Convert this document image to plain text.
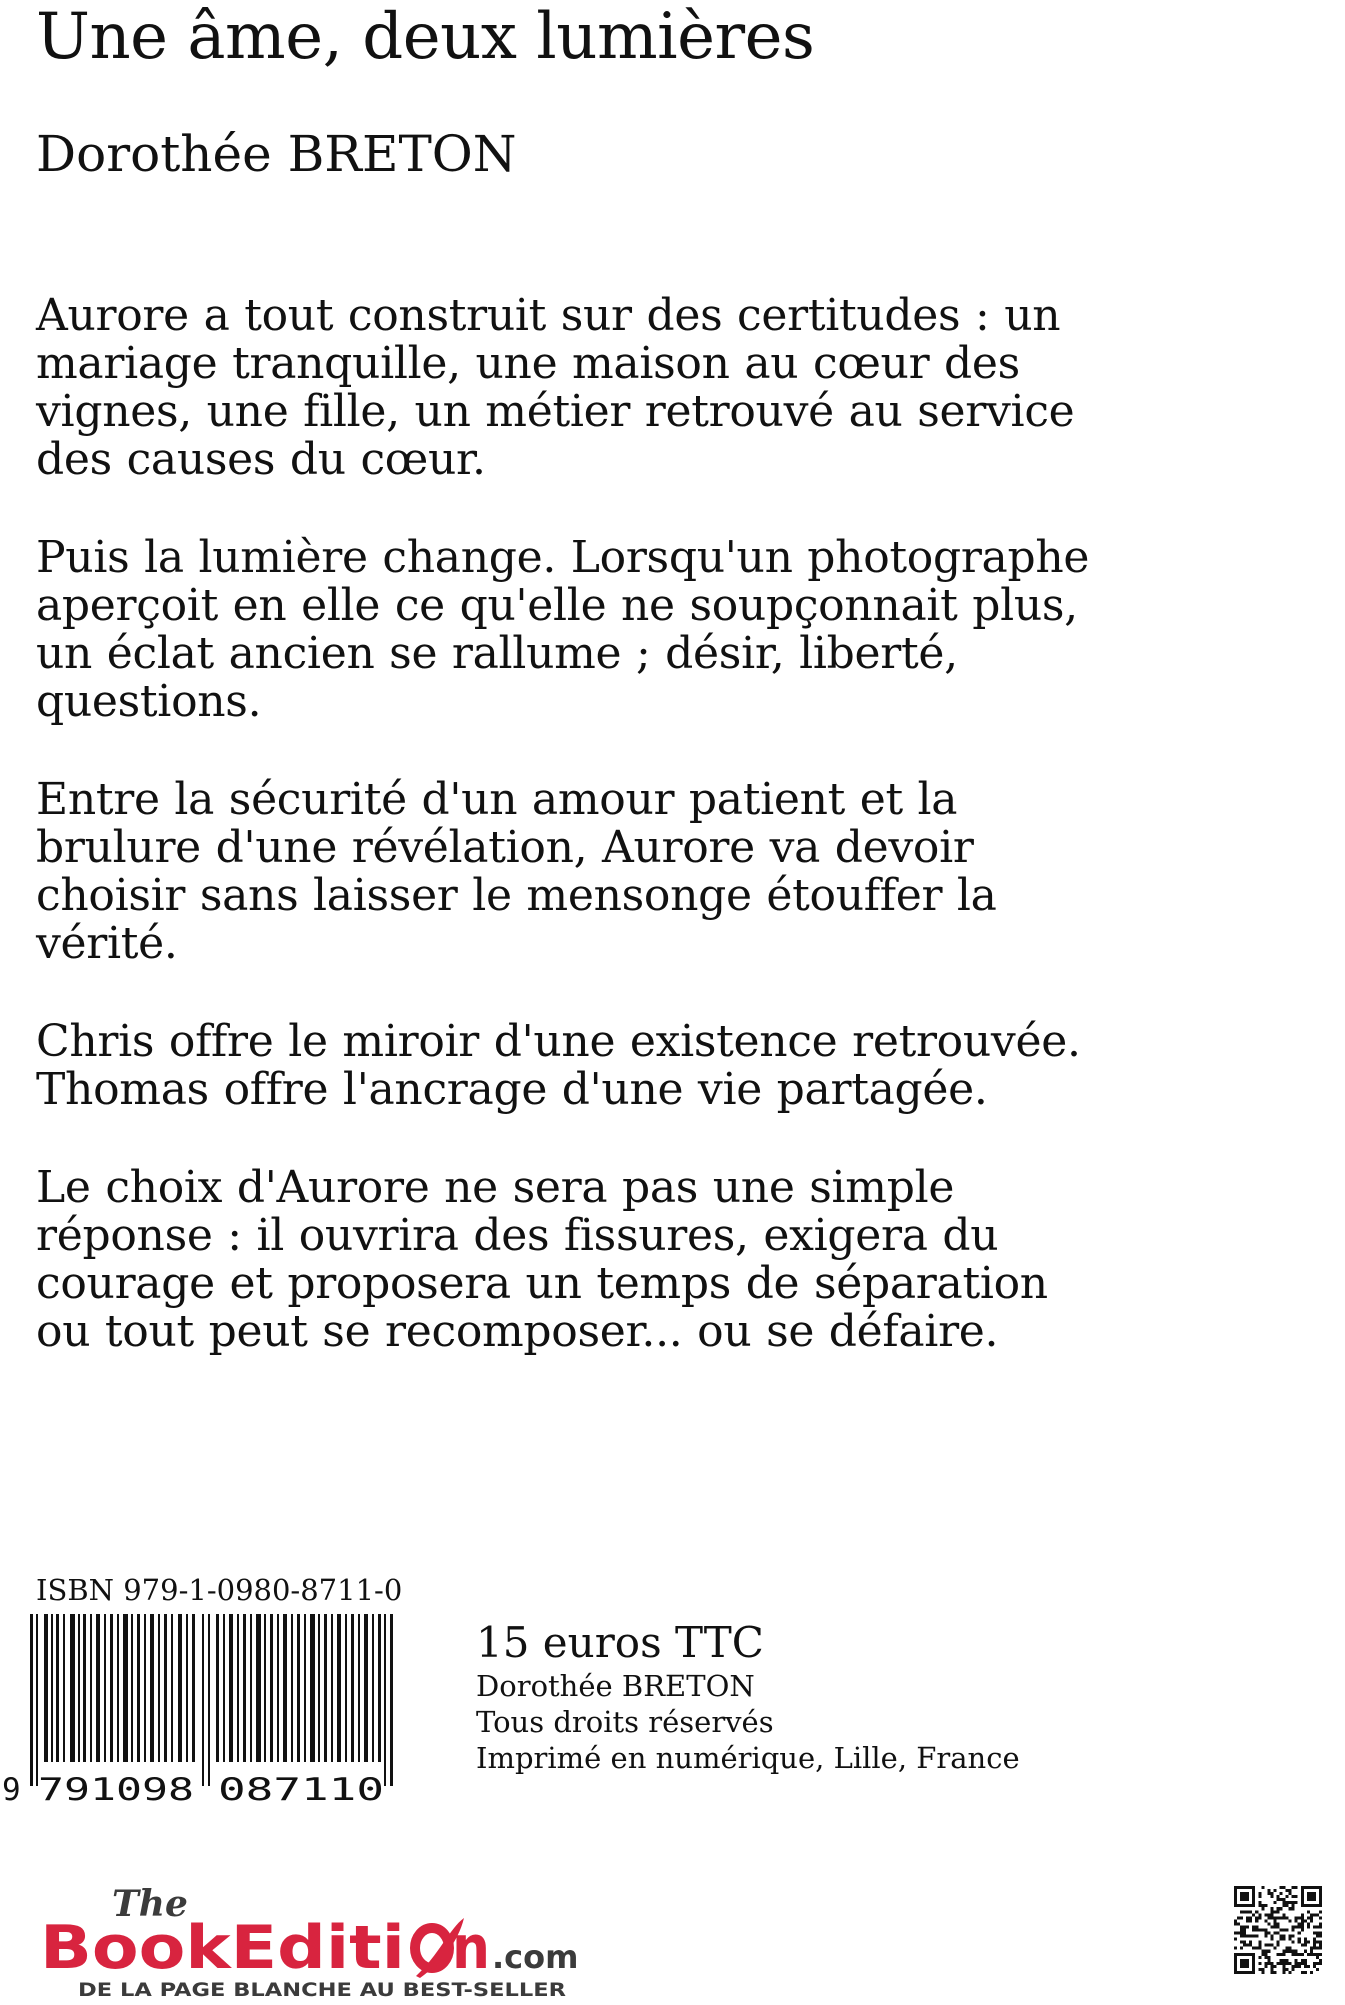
Une âme, deux lumières
Dorothée BRETON

Aurore a tout construit sur des certitudes : un
mariage tranquille, une maison au cœur des
vignes, une fille, un métier retrouvé au service
des causes du cœur.

Puis la lumière change. Lorsqu'un photographe
aperçoit en elle ce qu'elle ne soupçonnait plus,
un éclat ancien se rallume ; désir, liberté,
questions.

Entre la sécurité d'un amour patient et la
brulure d'une révélation, Aurore va devoir
choisir sans laisser le mensonge étouffer la
vérité.

Chris offre le miroir d'une existence retrouvée.
Thomas offre l'ancrage d'une vie partagée.

Le choix d'Aurore ne sera pas une simple
réponse : il ouvrira des fissures, exigera du
courage et proposera un temps de séparation
ou tout peut se recomposer... ou se défaire.

ISBN 979-1-0980-8711-0
9 791098 087110
15 euros TTC
Dorothée BRETON
Tous droits réservés
Imprimé en numérique, Lille, France
The
BookEditi n .com
DE LA PAGE BLANCHE AU BEST-SELLER
